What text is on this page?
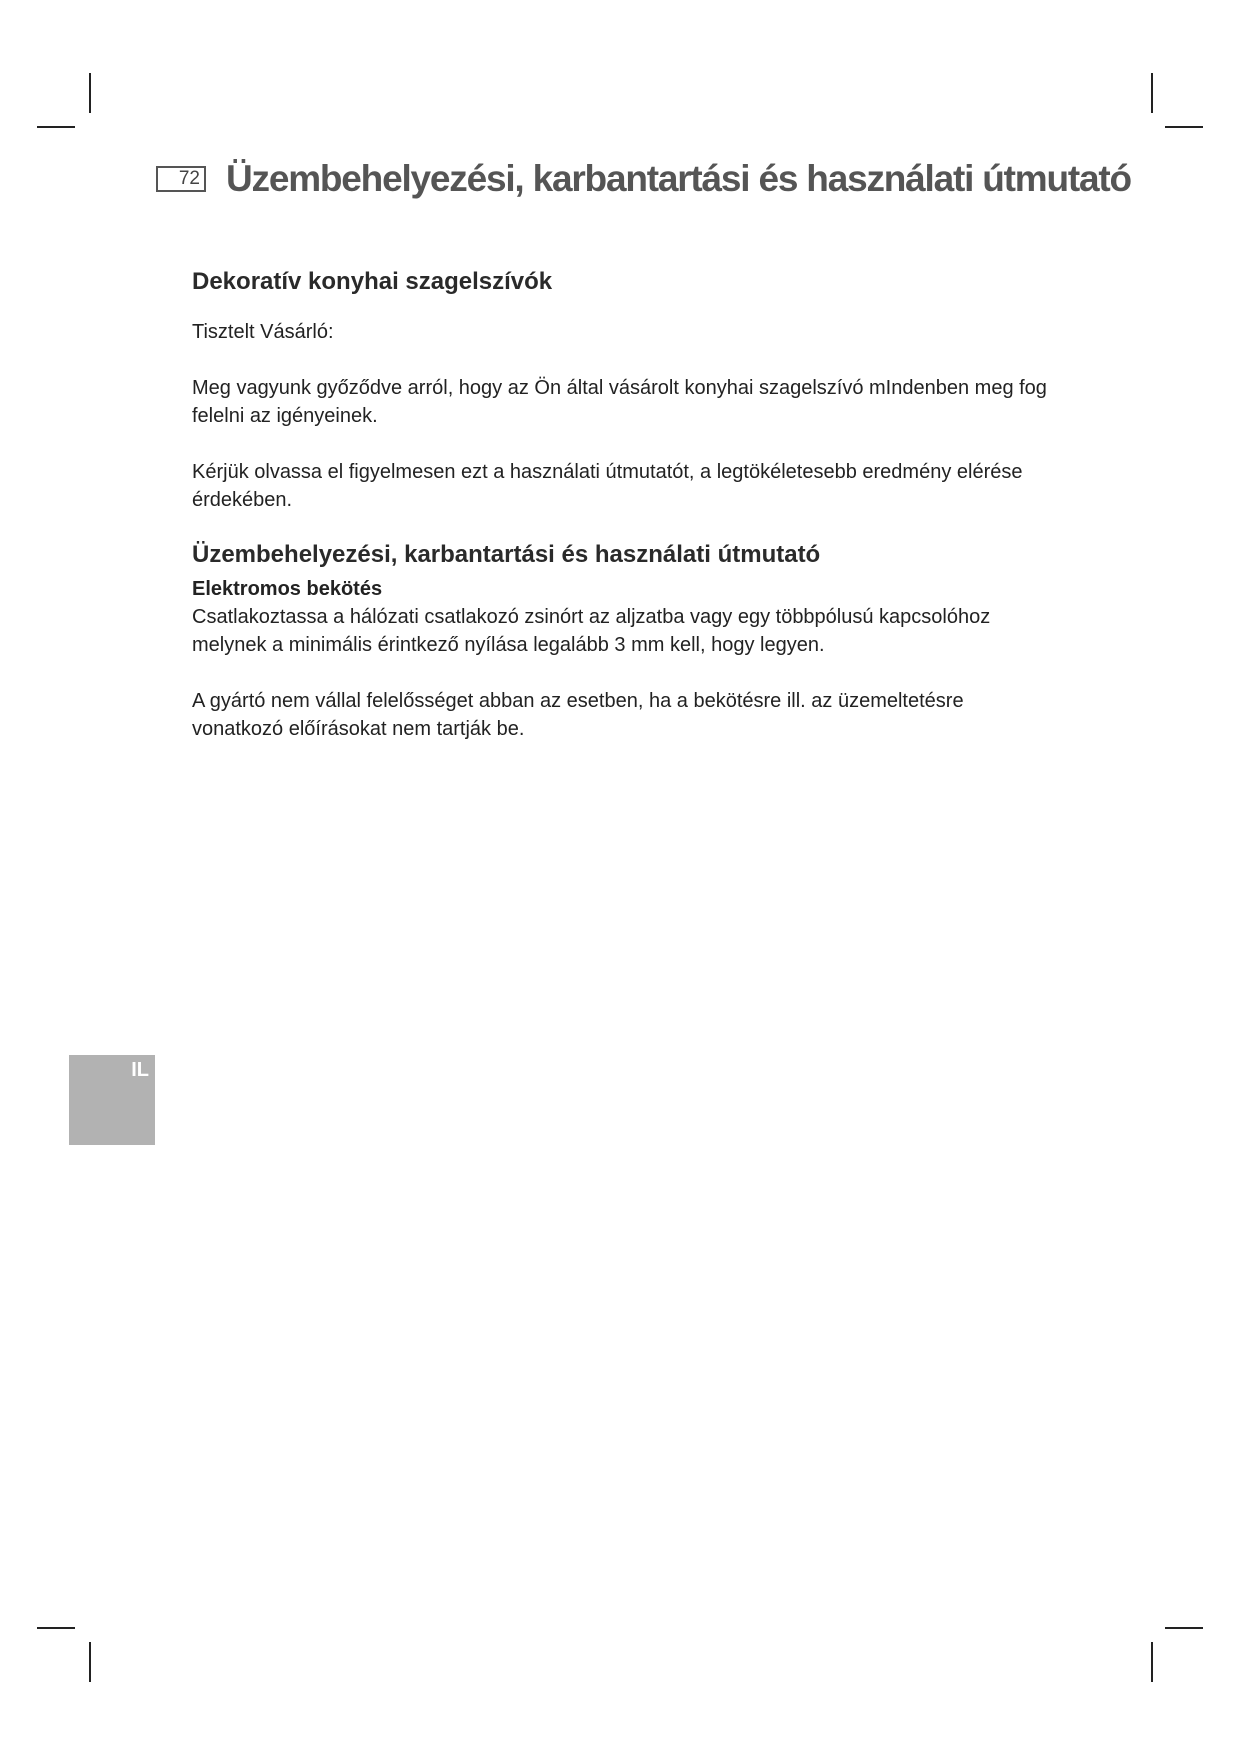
72 Üzembehelyezési, karbantartási és használati útmutató
Dekoratív konyhai szagelszívók
Tisztelt Vásárló:
Meg vagyunk győződve arról, hogy az Ön által vásárolt konyhai szagelszívó mIndenben meg fog
felelni az igényeinek.
Kérjük olvassa el figyelmesen ezt a használati útmutatót, a legtökéletesebb eredmény elérése
érdekében.
Üzembehelyezési, karbantartási és használati útmutató
Elektromos bekötés
Csatlakoztassa a hálózati csatlakozó zsinórt az aljzatba vagy egy többpólusú kapcsolóhoz
melynek a minimális érintkező nyílása legalább 3 mm kell, hogy legyen.
A gyártó nem vállal felelősséget abban az esetben, ha a bekötésre ill. az üzemeltetésre
vonatkozó előírásokat nem tartják be.
IL
